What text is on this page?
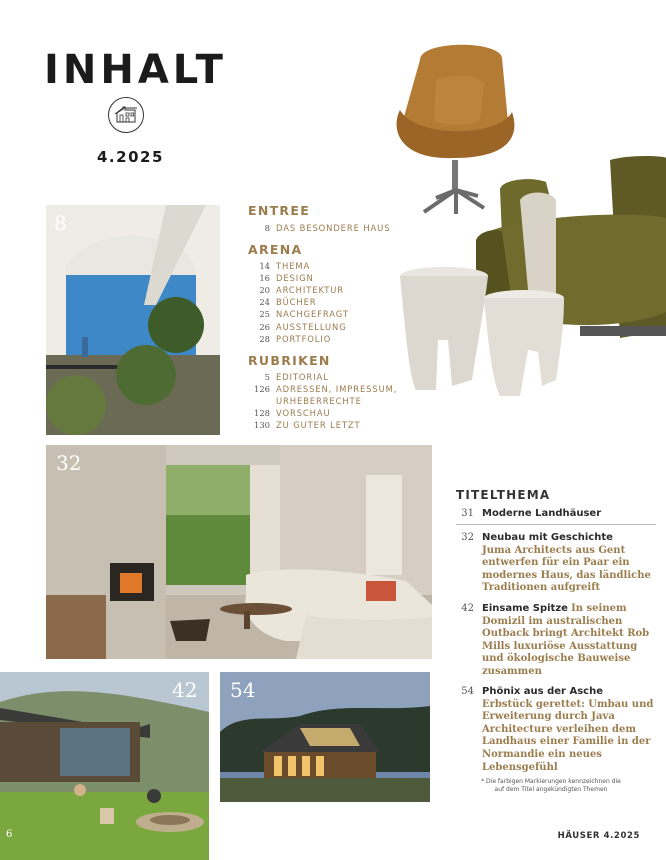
INHALT
4.2025
8
ENTREE
8 DAS BESONDERE HAUS
ARENA
14 THEMA
16 DESIGN
20 ARCHITEKTUR
24 BÜCHER
25 NACHGEFRAGT
26 AUSSTELLUNG
28 PORTFOLIO
RUBRIKEN
5 EDITORIAL
126 ADRESSEN, IMPRESSUM,
URHEBERRECHTE
128 VORSCHAU
130 ZU GUTER LETZT
32
42
6
54
TITELTHEMA
31 Moderne Landhäuser
32 Neubau mit Geschichte
Juma Architects aus Gent entwerfen für ein Paar ein modernes Haus, das ländliche Traditionen aufgreift
42 Einsame Spitze In seinem Domizil im australischen Outback bringt Architekt Rob Mills luxuriöse Ausstattung und ökologische Bauweise zusammen
54 Phönix aus der Asche
Erbstück gerettet: Umbau und Erweiterung durch Java Architecture verleihen dem Landhaus einer Familie in der Normandie ein neues Lebensgefühl
* Die farbigen Markierungen kennzeichnen die auf dem Titel angekündigten Themen
HÄUSER 4.2025
